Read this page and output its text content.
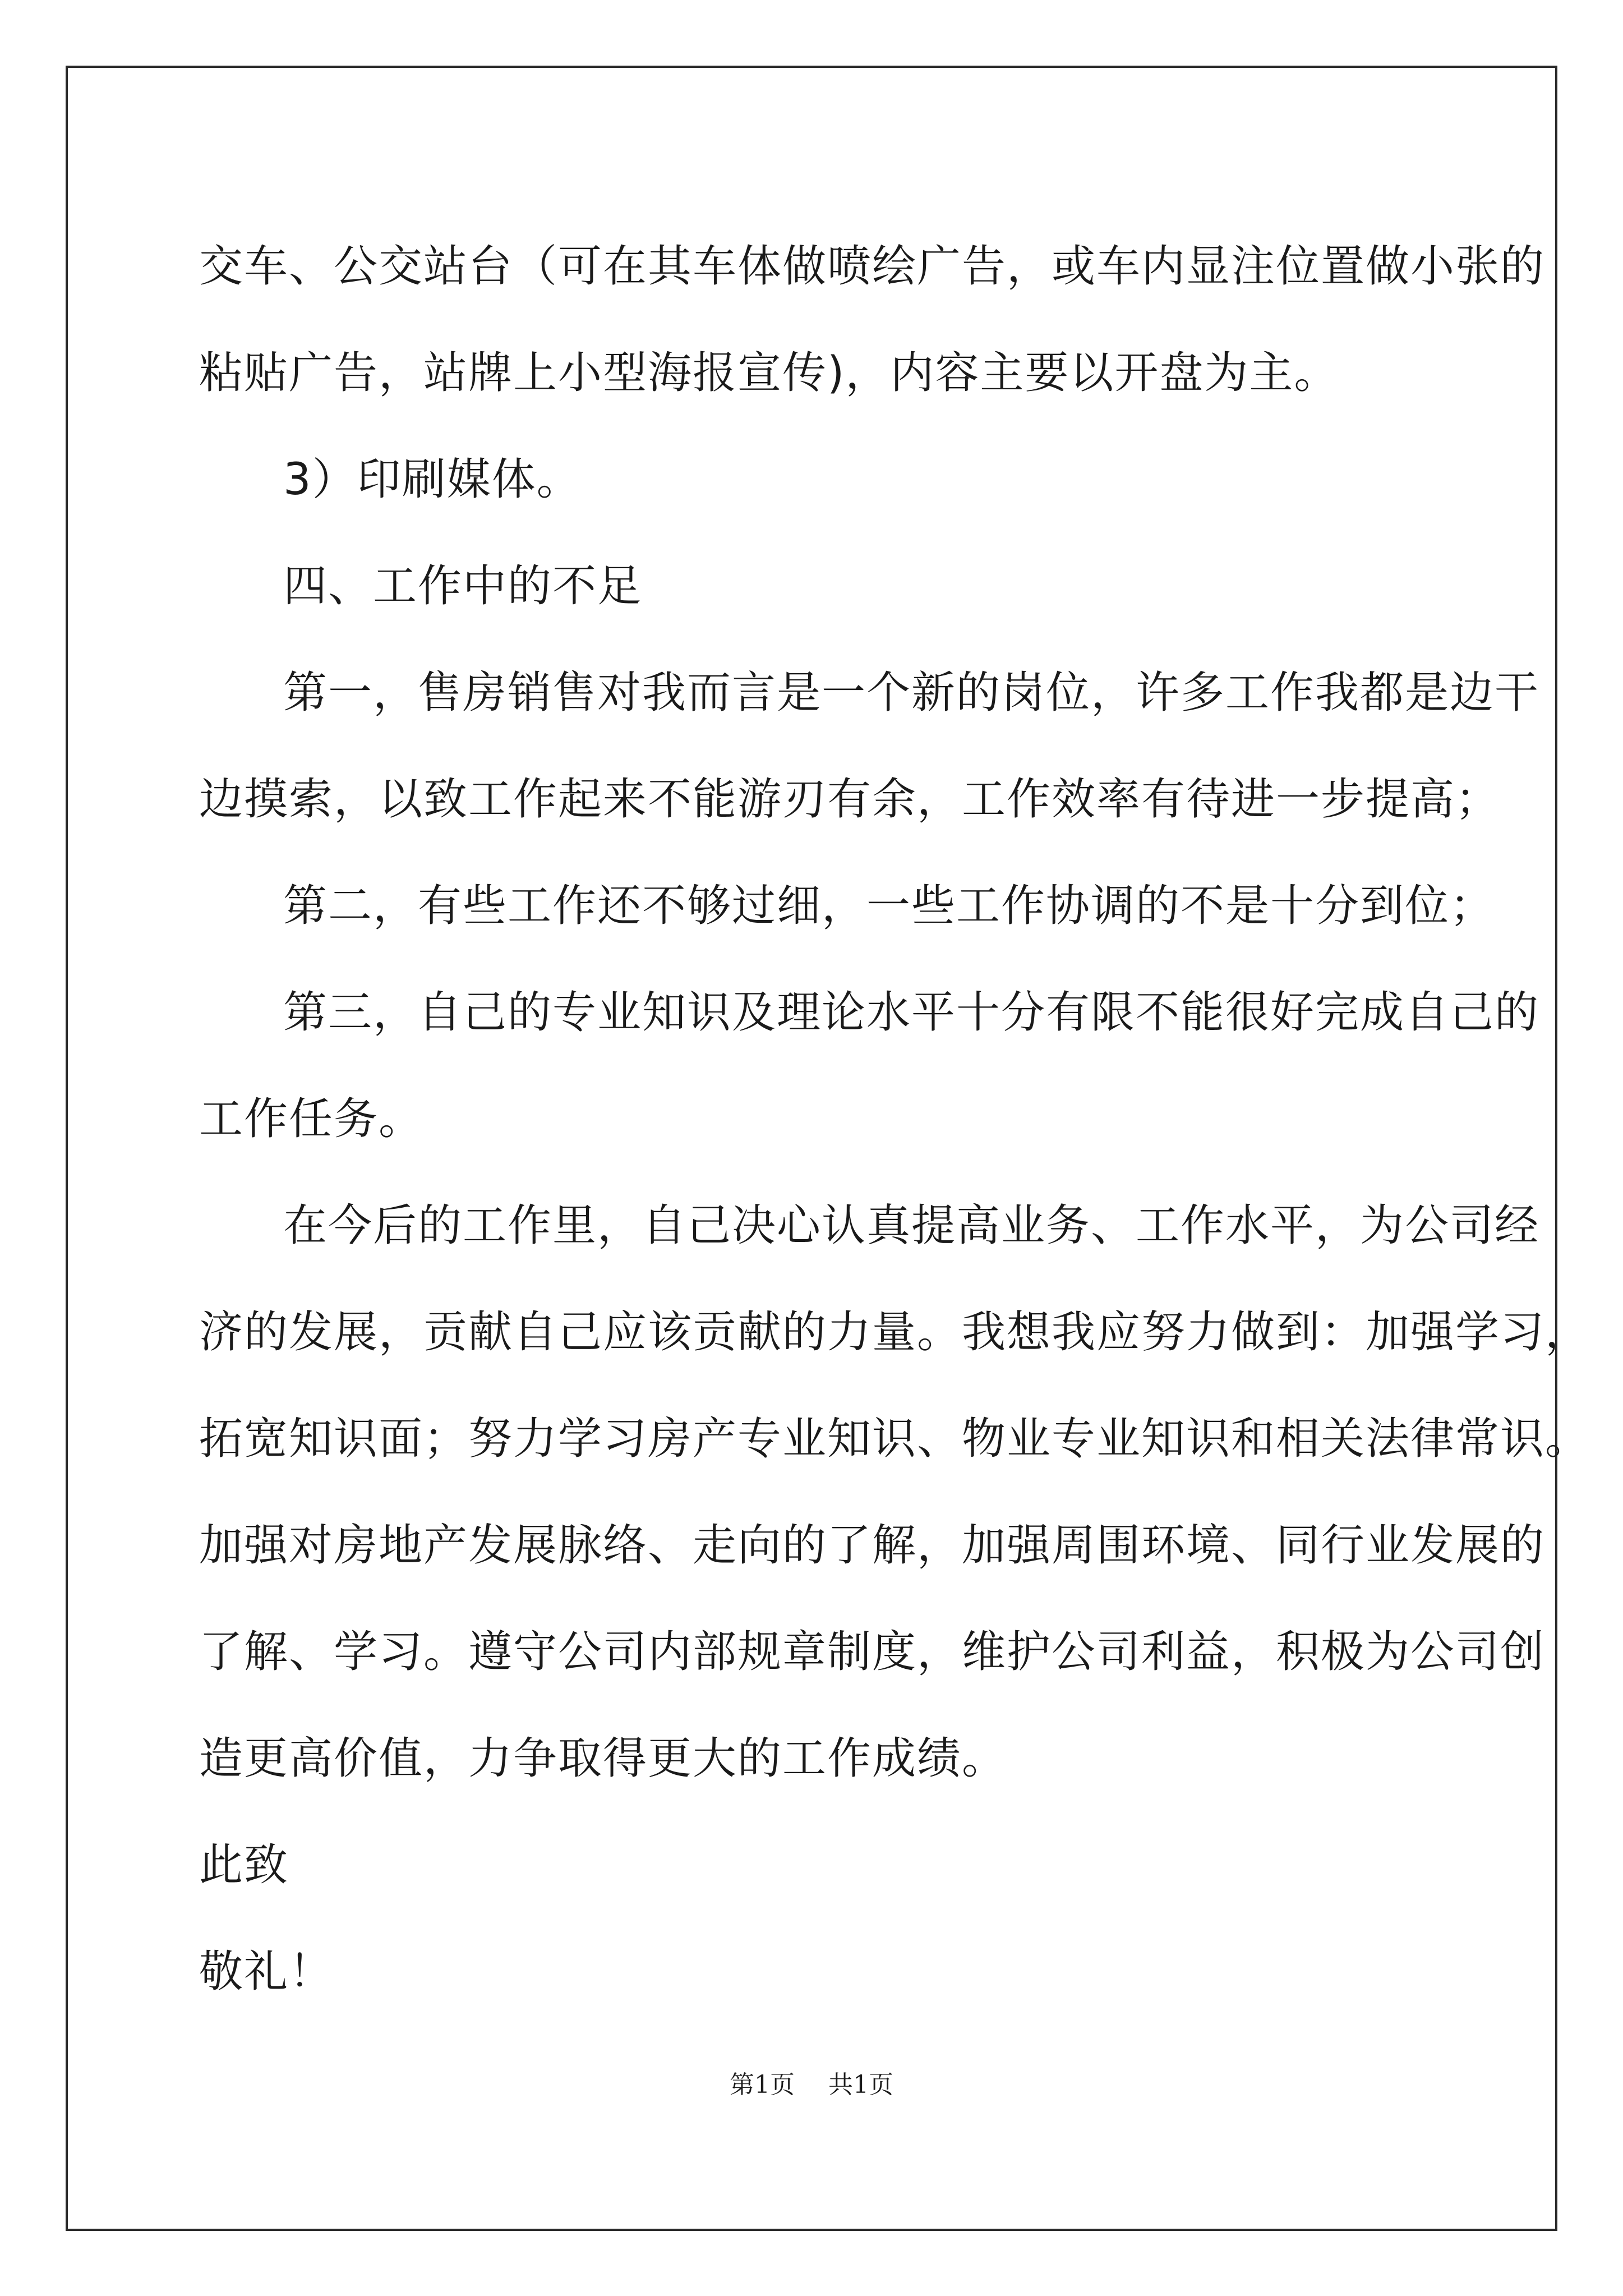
交车、公交站台（可在其车体做喷绘广告，或车内显注位置做小张的

粘贴广告，站牌上小型海报宣传)，内容主要以开盘为主。

3）印刷媒体。

四、工作中的不足

第一，售房销售对我而言是一个新的岗位，许多工作我都是边干

边摸索，以致工作起来不能游刃有余，工作效率有待进一步提高；

第二，有些工作还不够过细，一些工作协调的不是十分到位；

第三，自己的专业知识及理论水平十分有限不能很好完成自己的

工作任务。

在今后的工作里，自己决心认真提高业务、工作水平，为公司经

济的发展，贡献自己应该贡献的力量。我想我应努力做到：加强学习，

拓宽知识面；努力学习房产专业知识、物业专业知识和相关法律常识。

加强对房地产发展脉络、走向的了解，加强周围环境、同行业发展的

了解、学习。遵守公司内部规章制度，维护公司利益，积极为公司创

造更高价值，力争取得更大的工作成绩。

此致

敬礼！

第1页 共1页
